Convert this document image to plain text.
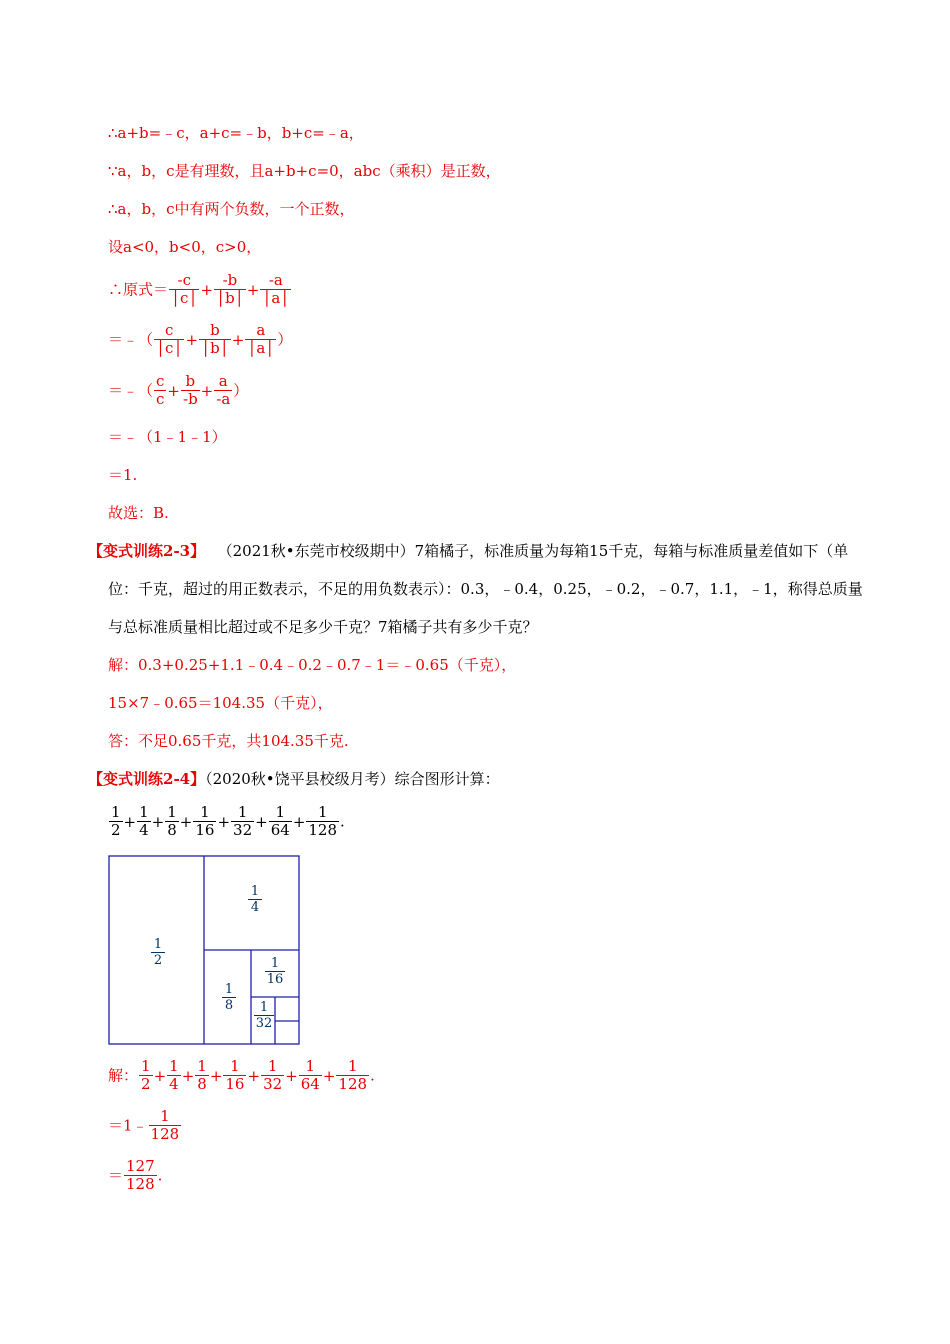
∴a+b=﹣c，a+c=﹣b，b+c=﹣a，
∵a，b，c是有理数，且a+b+c=0，abc（乘积）是正数，
∴a，b，c中有两个负数，一个正数，
设a<0，b<0，c>0，
∴原式＝ $\frac{-c}{│c│} + \frac{-b}{│b│} + \frac{-a}{│a│}$
＝﹣（ $\frac{c}{│c│} + \frac{b}{│b│} + \frac{a}{│a│}$ ）
＝﹣（ $\frac{c}{c} + \frac{b}{-b} + \frac{a}{-a}$ ）
＝﹣（1﹣1﹣1）
＝1.
故选：B.
【变式训练2-3】 （2021秋•东莞市校级期中）7箱橘子，标准质量为每箱15千克，每箱与标准质量差值如下（单位：千克，超过的用正数表示，不足的用负数表示）：0.3，﹣0.4，0.25，﹣0.2，﹣0.7，1.1，﹣1，称得总质量与总标准质量相比超过或不足多少千克？7箱橘子共有多少千克？
解：0.3+0.25+1.1﹣0.4﹣0.2﹣0.7﹣1＝﹣0.65（千克），
15×7﹣0.65＝104.35（千克），
答：不足0.65千克，共104.35千克.
【变式训练2-4】（2020秋•饶平县校级月考）综合图形计算：
$\frac{1}{2} + \frac{1}{4} + \frac{1}{8} + \frac{1}{16} + \frac{1}{32} + \frac{1}{64} + \frac{1}{128}$ .
1
2
1
4
1
8
1
16
1
32
解： $\frac{1}{2} + \frac{1}{4} + \frac{1}{8} + \frac{1}{16} + \frac{1}{32} + \frac{1}{64} + \frac{1}{128}$ .
＝1﹣ $\frac{1}{128}$
＝ $\frac{127}{128}$ .
